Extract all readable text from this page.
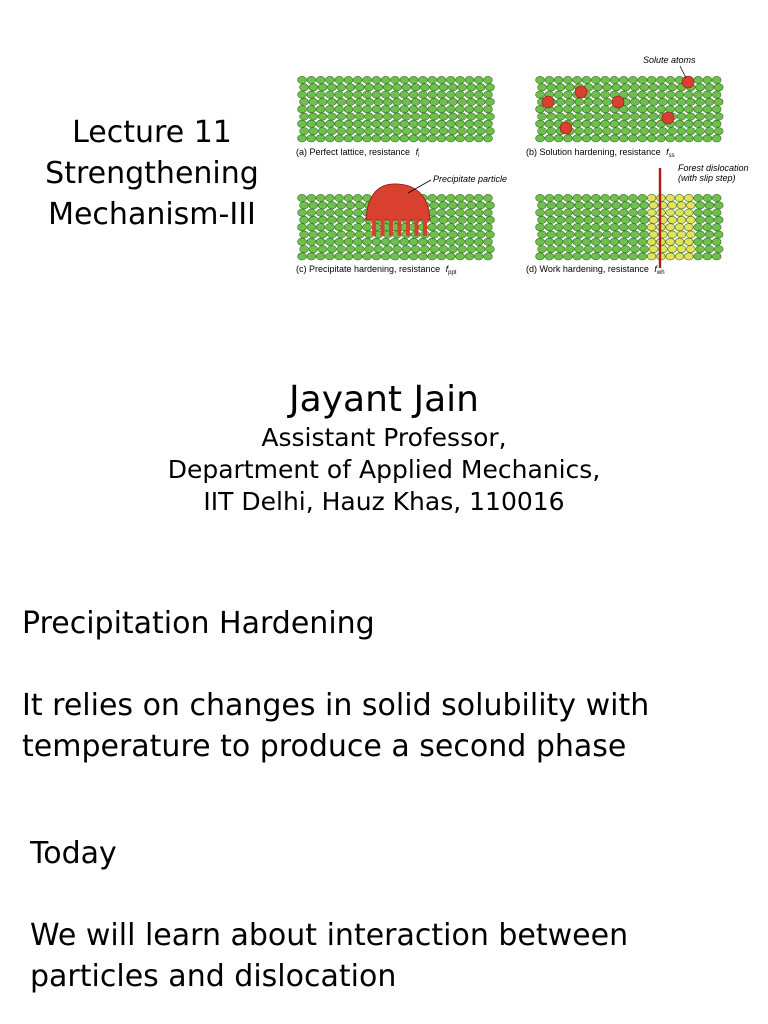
Lecture 11
Strengthening
Mechanism-III
(a) Perfect lattice, resistance $f_i$	(b) Solution hardening, resistance $f_{ss}$
(c) Precipitate hardening, resistance $f_{ppt}$	(d) Work hardening, resistance $f_{wh}$
Solute atoms
Precipitate particle
Forest dislocation
(with slip step)
Jayant Jain
Assistant Professor,
Department of Applied Mechanics,
IIT Delhi, Hauz Khas, 110016
Precipitation Hardening
It relies on changes in solid solubility with
temperature to produce a second phase
Today
We will learn about interaction between
particles and dislocation
